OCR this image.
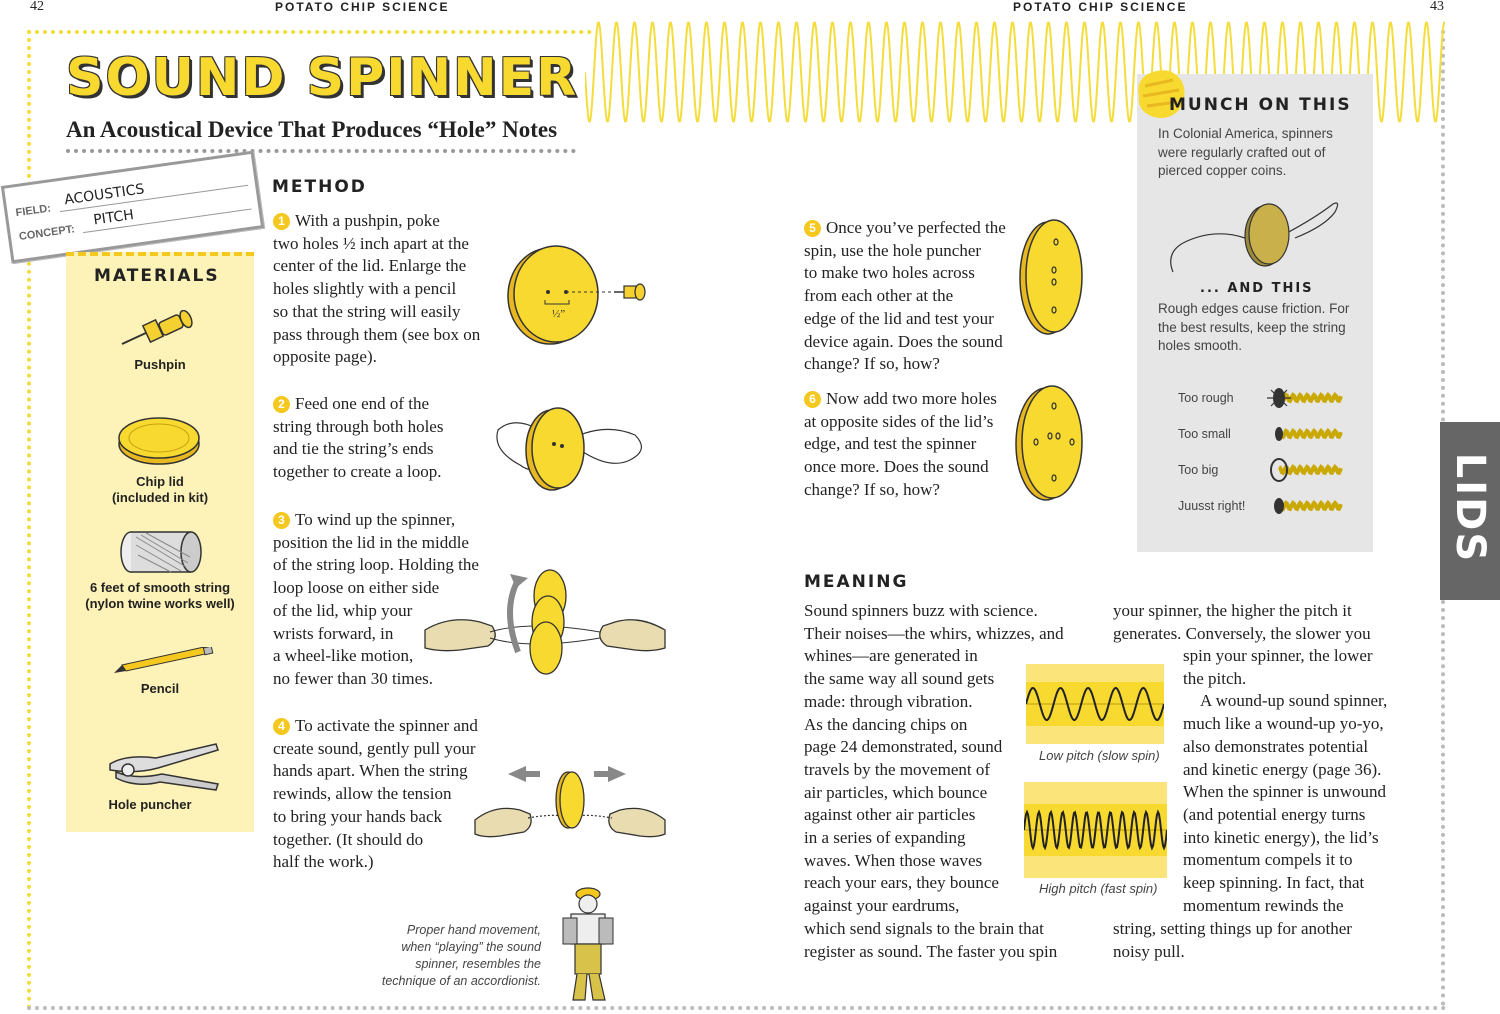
42	POTATO CHIP SCIENCE	POTATO CHIP SCIENCE	43
SOUND SPINNER
An Acoustical Device That Produces “Hole” Notes
FIELD:
ACOUSTICS
CONCEPT:
PITCH
MATERIALS
Pushpin
Chip lid
(included in kit)
6 feet of smooth string
(nylon twine works well)
Pencil
Hole puncher
METHOD
1 With a pushpin, poke
two holes ½ inch apart at the
center of the lid. Enlarge the
holes slightly with a pencil
so that the string will easily
pass through them (see box on
opposite page).
½”
2 Feed one end of the
string through both holes
and tie the string’s ends
together to create a loop.
3 To wind up the spinner,
position the lid in the middle
of the string loop. Holding the
loop loose on either side
of the lid, whip your
wrists forward, in
a wheel-like motion,
no fewer than 30 times.
4 To activate the spinner and
create sound, gently pull your
hands apart. When the string
rewinds, allow the tension
to bring your hands back
together. (It should do
half the work.)
Proper hand movement,
when “playing” the sound
spinner, resembles the
technique of an accordionist.
5 Once you’ve perfected the
spin, use the hole puncher
to make two holes across
from each other at the
edge of the lid and test your
device again. Does the sound
change? If so, how?
6 Now add two more holes
at opposite sides of the lid’s
edge, and test the spinner
once more. Does the sound
change? If so, how?
MUNCH ON THIS
In Colonial America, spinners
were regularly crafted out of
pierced copper coins.
... AND THIS
Rough edges cause friction. For
the best results, keep the string
holes smooth.
Too rough
Too small
Too big
Juusst right!
MEANING
Sound spinners buzz with science.
Their noises—the whirs, whizzes, and
whines—are generated in
the same way all sound gets
made: through vibration.
As the dancing chips on
page 24 demonstrated, sound
travels by the movement of
air particles, which bounce
against other air particles
in a series of expanding
waves. When those waves
reach your ears, they bounce
against your eardrums,
which send signals to the brain that
register as sound. The faster you spin
Low pitch (slow spin)
High pitch (fast spin)
your spinner, the higher the pitch it
generates. Conversely, the slower you
spin your spinner, the lower
the pitch.
 A wound-up sound spinner,
much like a wound-up yo-yo,
also demonstrates potential
and kinetic energy (page 36).
When the spinner is unwound
(and potential energy turns
into kinetic energy), the lid’s
momentum compels it to
keep spinning. In fact, that
momentum rewinds the
string, setting things up for another
noisy pull.
LIDS
